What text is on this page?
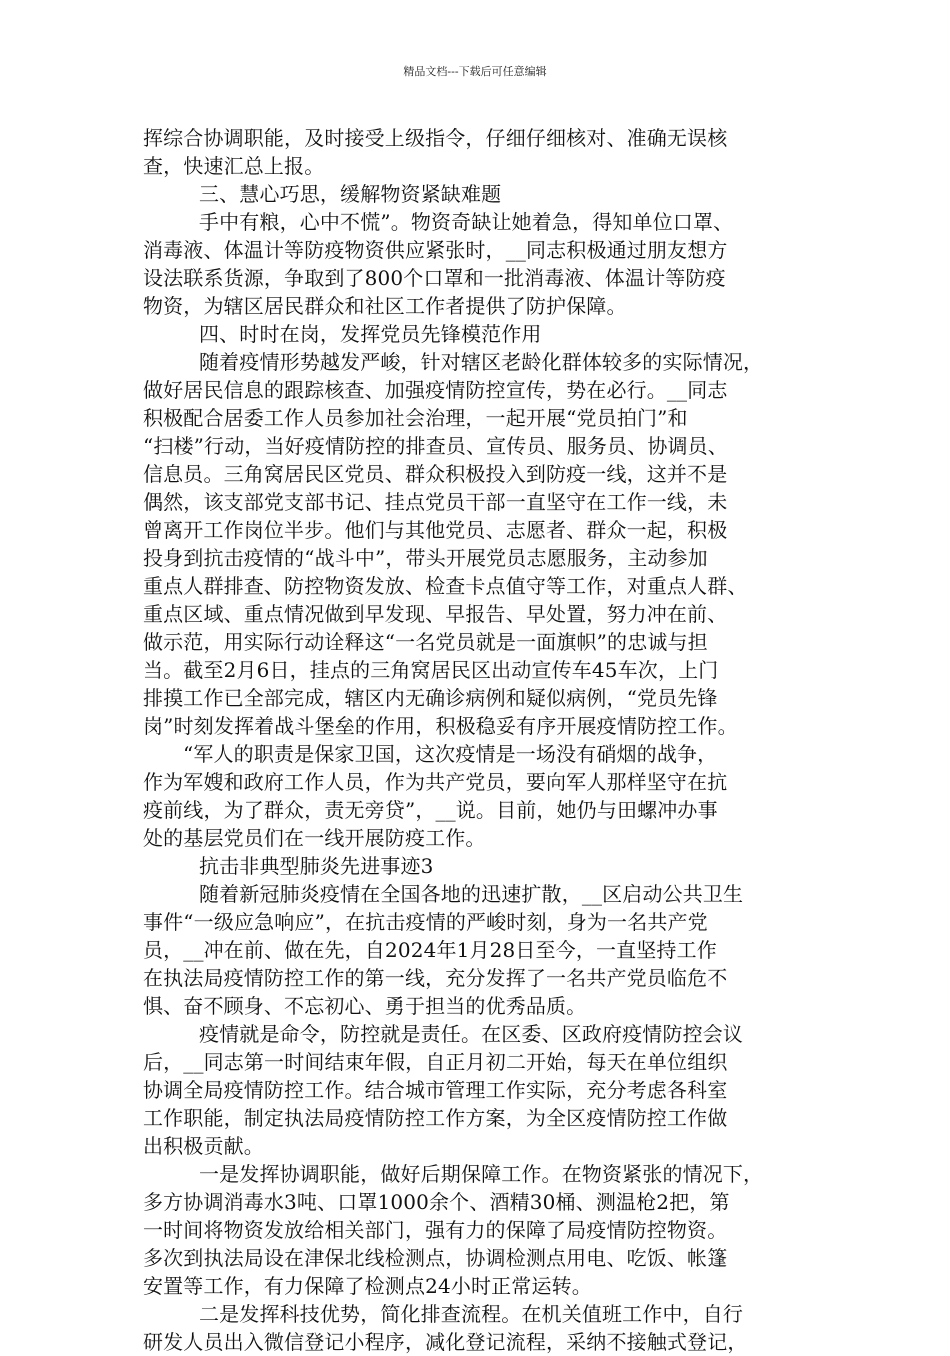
精品文档---下载后可任意编辑
挥综合协调职能，及时接受上级指令，仔细仔细核对、准确无误核
查，快速汇总上报。
三、慧心巧思，缓解物资紧缺难题
手中有粮，心中不慌”。物资奇缺让她着急，得知单位口罩、
消毒液、体温计等防疫物资供应紧张时，__同志积极通过朋友想方
设法联系货源，争取到了800个口罩和一批消毒液、体温计等防疫
物资，为辖区居民群众和社区工作者提供了防护保障。
四、时时在岗，发挥党员先锋模范作用
随着疫情形势越发严峻，针对辖区老龄化群体较多的实际情况，
做好居民信息的跟踪核查、加强疫情防控宣传，势在必行。__同志
积极配合居委工作人员参加社会治理，一起开展“党员拍门”和
“扫楼”行动，当好疫情防控的排查员、宣传员、服务员、协调员、
信息员。三角窝居民区党员、群众积极投入到防疫一线，这并不是
偶然，该支部党支部书记、挂点党员干部一直坚守在工作一线，未
曾离开工作岗位半步。他们与其他党员、志愿者、群众一起，积极
投身到抗击疫情的“战斗中”，带头开展党员志愿服务，主动参加
重点人群排查、防控物资发放、检查卡点值守等工作，对重点人群、
重点区域、重点情况做到早发现、早报告、早处置，努力冲在前、
做示范，用实际行动诠释这“一名党员就是一面旗帜”的忠诚与担
当。截至2月6日，挂点的三角窝居民区出动宣传车45车次，上门
排摸工作已全部完成，辖区内无确诊病例和疑似病例，“党员先锋
岗”时刻发挥着战斗堡垒的作用，积极稳妥有序开展疫情防控工作。
“军人的职责是保家卫国，这次疫情是一场没有硝烟的战争，
作为军嫂和政府工作人员，作为共产党员，要向军人那样坚守在抗
疫前线，为了群众，责无旁贷”，__说。目前，她仍与田螺冲办事
处的基层党员们在一线开展防疫工作。
抗击非典型肺炎先进事迹3
随着新冠肺炎疫情在全国各地的迅速扩散，__区启动公共卫生
事件“一级应急响应”，在抗击疫情的严峻时刻，身为一名共产党
员，__冲在前、做在先，自2024年1月28日至今，一直坚持工作
在执法局疫情防控工作的第一线，充分发挥了一名共产党员临危不
惧、奋不顾身、不忘初心、勇于担当的优秀品质。
疫情就是命令，防控就是责任。在区委、区政府疫情防控会议
后，__同志第一时间结束年假，自正月初二开始，每天在单位组织
协调全局疫情防控工作。结合城市管理工作实际，充分考虑各科室
工作职能，制定执法局疫情防控工作方案，为全区疫情防控工作做
出积极贡献。
一是发挥协调职能，做好后期保障工作。在物资紧张的情况下，
多方协调消毒水3吨、口罩1000余个、酒精30桶、测温枪2把，第
一时间将物资发放给相关部门，强有力的保障了局疫情防控物资。
多次到执法局设在津保北线检测点，协调检测点用电、吃饭、帐篷
安置等工作，有力保障了检测点24小时正常运转。
二是发挥科技优势，简化排查流程。在机关值班工作中，自行
研发人员出入微信登记小程序，减化登记流程，采纳不接触式登记，
